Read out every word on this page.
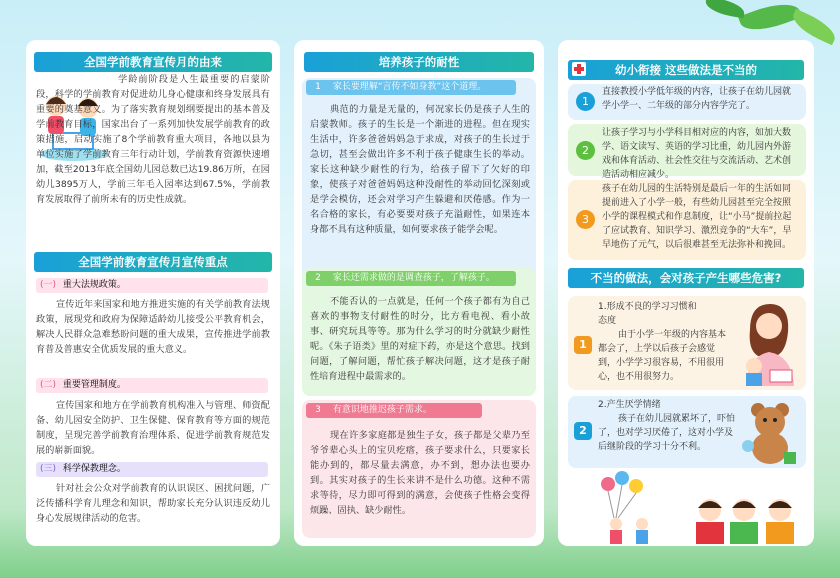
全国学前教育宣传月的由来

学龄前阶段是人生最重要的启蒙阶段，科学的学前教育对促进幼儿身心健康和终身发展具有重要的奠基意义。为了落实教育规划纲要提出的基本普及学前教育目标，国家出台了一系列加快发展学前教育的政策措施，启动实施了8个学前教育重大项目，各地以县为单位实施了学前教育三年行动计划，学前教育资源快速增加，截至2013年底全国幼儿园总数已达19.86万所，在园幼儿3895万人，学前三年毛入园率达到67.5%，学前教育发展取得了前所未有的历史性成就。

全国学前教育宣传月宣传重点
(一) 重大法规政策。

宣传近年来国家和地方推进实施的有关学前教育法规政策，展现党和政府为保障适龄幼儿接受公平教育机会，解决人民群众急难愁盼问题的重大成果，宣传推进学前教育普及普惠安全优质发展的重大意义。

(二) 重要管理制度。

宣传国家和地方在学前教育机构准入与管理、师资配备、幼儿园安全防护、卫生保健、保育教育等方面的规范制度，呈现完善学前教育治理体系、促进学前教育规范发展的崭新面貌。

(三) 科学保教理念。

针对社会公众对学前教育的认识误区、困扰问题，广泛传播科学育儿理念和知识，帮助家长充分认识违反幼儿身心发展规律活动的危害。

培养孩子的耐性
1 家长要理解“言传不如身教”这个道理。

典范的力量是无量的，何况家长仍是孩子人生的启蒙教师。孩子的生长是一个渐进的进程。但在现实生活中，许多爸爸妈妈急于求成，对孩子的生长过于急切，甚至会做出许多不利于孩子健康生长的举动。家长这种缺少耐性的行为，给孩子留下了欠好的印象，使孩子对爸爸妈妈这种没耐性的举动回忆深刻或是学会模仿，还会对学习产生躲避和厌倦感。作为一名合格的家长，有必要要对孩子充溢耐性，如果连本身都不具有这种质量，如何要求孩子能学会呢。

2 家长还需求做的是调查孩子，了解孩子。

不能否认的一点就是，任何一个孩子都有为自己喜欢的事物支付耐性的时分，比方看电视、看小故事、研究玩具等等。那为什么学习的时分就缺少耐性呢。《朱子语类》里的对症下药，亦是这个意思。找到问题，了解问题，帮忙孩子解决问题，这才是孩子耐性培育进程中最需求的。

3 有意识地推迟孩子需求。

现在许多家庭都是独生子女，孩子都是父辈乃至爷爷辈心头上的宝贝疙瘩，孩子要求什么，只要家长能办到的，都尽量去满意，办不到，想办法也要办到。其实对孩子的生长来讲不是什么功德。这种不需求等待，尽力即可得到的满意，会使孩子性格会变得烦躁、固执、缺少耐性。

幼小衔接 这些做法是不当的
1

直接教授小学低年级的内容，让孩子在幼儿园就学小学一、二年级的部分内容学完了。

2

让孩子学习与小学科目相对应的内容，如加大数学、语文读写、英语的学习比重，幼儿园内外游戏和体育活动、社会性交往与交流活动、艺术创造活动相应减少。

3

孩子在幼儿园的生活特别是最后一年的生活如同提前进入了小学一般，有些幼儿园甚至完全按照小学的课程模式和作息制度，让“小马”提前拉起了应试教育、知识学习、激烈竞争的“大车”，早早地伤了元气，以后很难甚至无法弥补和挽回。

不当的做法，会对孩子产生哪些危害?
1

1.形成不良的学习习惯和态度

由于小学一年级的内容基本都会了，上学以后孩子会感觉到，小学学习很容易，不用很用心，也不用很努力。

2

2.产生厌学情绪

孩子在幼儿园就累坏了，吓怕了，也对学习厌倦了，这对小学及后继阶段的学习十分不利。
